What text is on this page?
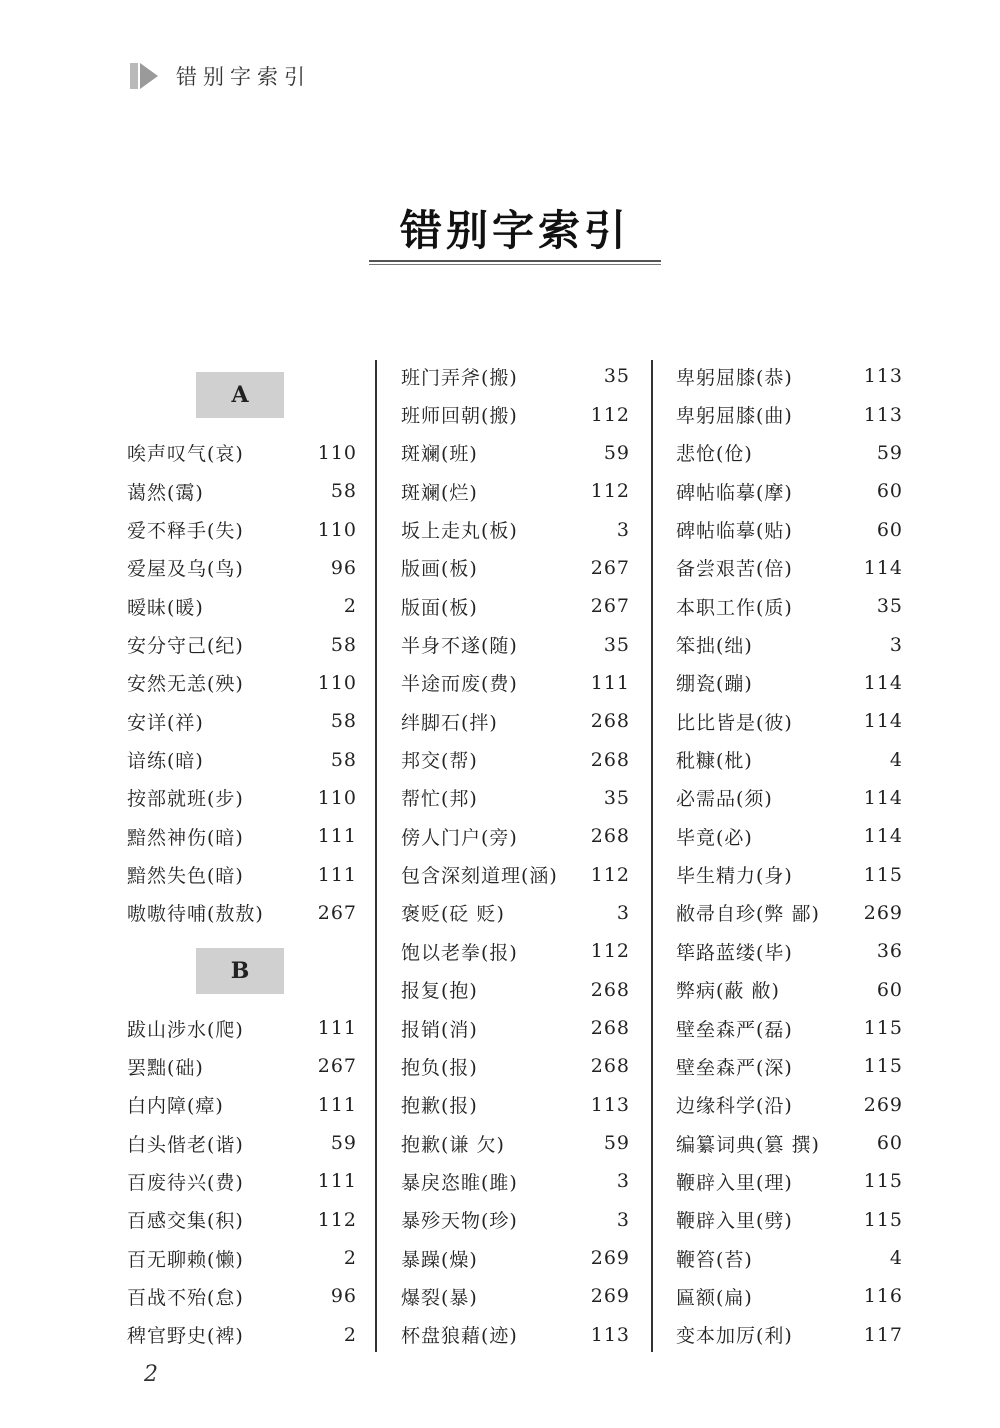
错别字索引
错别字索引
A
唉声叹气(哀)	110
蔼然(霭)	58
爱不释手(失)	110
爱屋及乌(鸟)	96
暧昧(暖)	2
安分守己(纪)	58
安然无恙(殃)	110
安详(祥)	58
谙练(暗)	58
按部就班(步)	110
黯然神伤(暗)	111
黯然失色(暗)	111
嗷嗷待哺(敖敖)	267
B
跋山涉水(爬)	111
罢黜(础)	267
白内障(瘴)	111
白头偕老(谐)	59
百废待兴(费)	111
百感交集(积)	112
百无聊赖(懒)	2
百战不殆(怠)	96
稗官野史(裨)	2
班门弄斧(搬)	35
班师回朝(搬)	112
斑斓(班)	59
斑斓(烂)	112
坂上走丸(板)	3
版画(板)	267
版面(板)	267
半身不遂(随)	35
半途而废(费)	111
绊脚石(拌)	268
邦交(帮)	268
帮忙(邦)	35
傍人门户(旁)	268
包含深刻道理(涵) 112
褒贬(砭 贬)	3
饱以老拳(报)	112
报复(抱)	268
报销(消)	268
抱负(报)	268
抱歉(报)	113
抱歉(谦 欠)	59
暴戾恣睢(雎)	3
暴殄天物(珍)	3
暴躁(燥)	269
爆裂(暴)	269
杯盘狼藉(迹)	113
卑躬屈膝(恭)	113
卑躬屈膝(曲)	113
悲怆(伧)	59
碑帖临摹(摩)	60
碑帖临摹(贴)	60
备尝艰苦(倍)	114
本职工作(质)	35
笨拙(绌)	3
绷瓷(蹦)	114
比比皆是(彼)	114
秕糠(枇)	4
必需品(须)	114
毕竟(必)	114
毕生精力(身)	115
敝帚自珍(弊 鄙) 269
筚路蓝缕(毕)	36
弊病(蔽 敝)	60
壁垒森严(磊)	115
壁垒森严(深)	115
边缘科学(沿)	269
编纂词典(篡 撰)	60
鞭辟入里(理)	115
鞭辟入里(劈)	115
鞭笞(苔)	4
匾额(扁)	116
变本加厉(利)	117
2
